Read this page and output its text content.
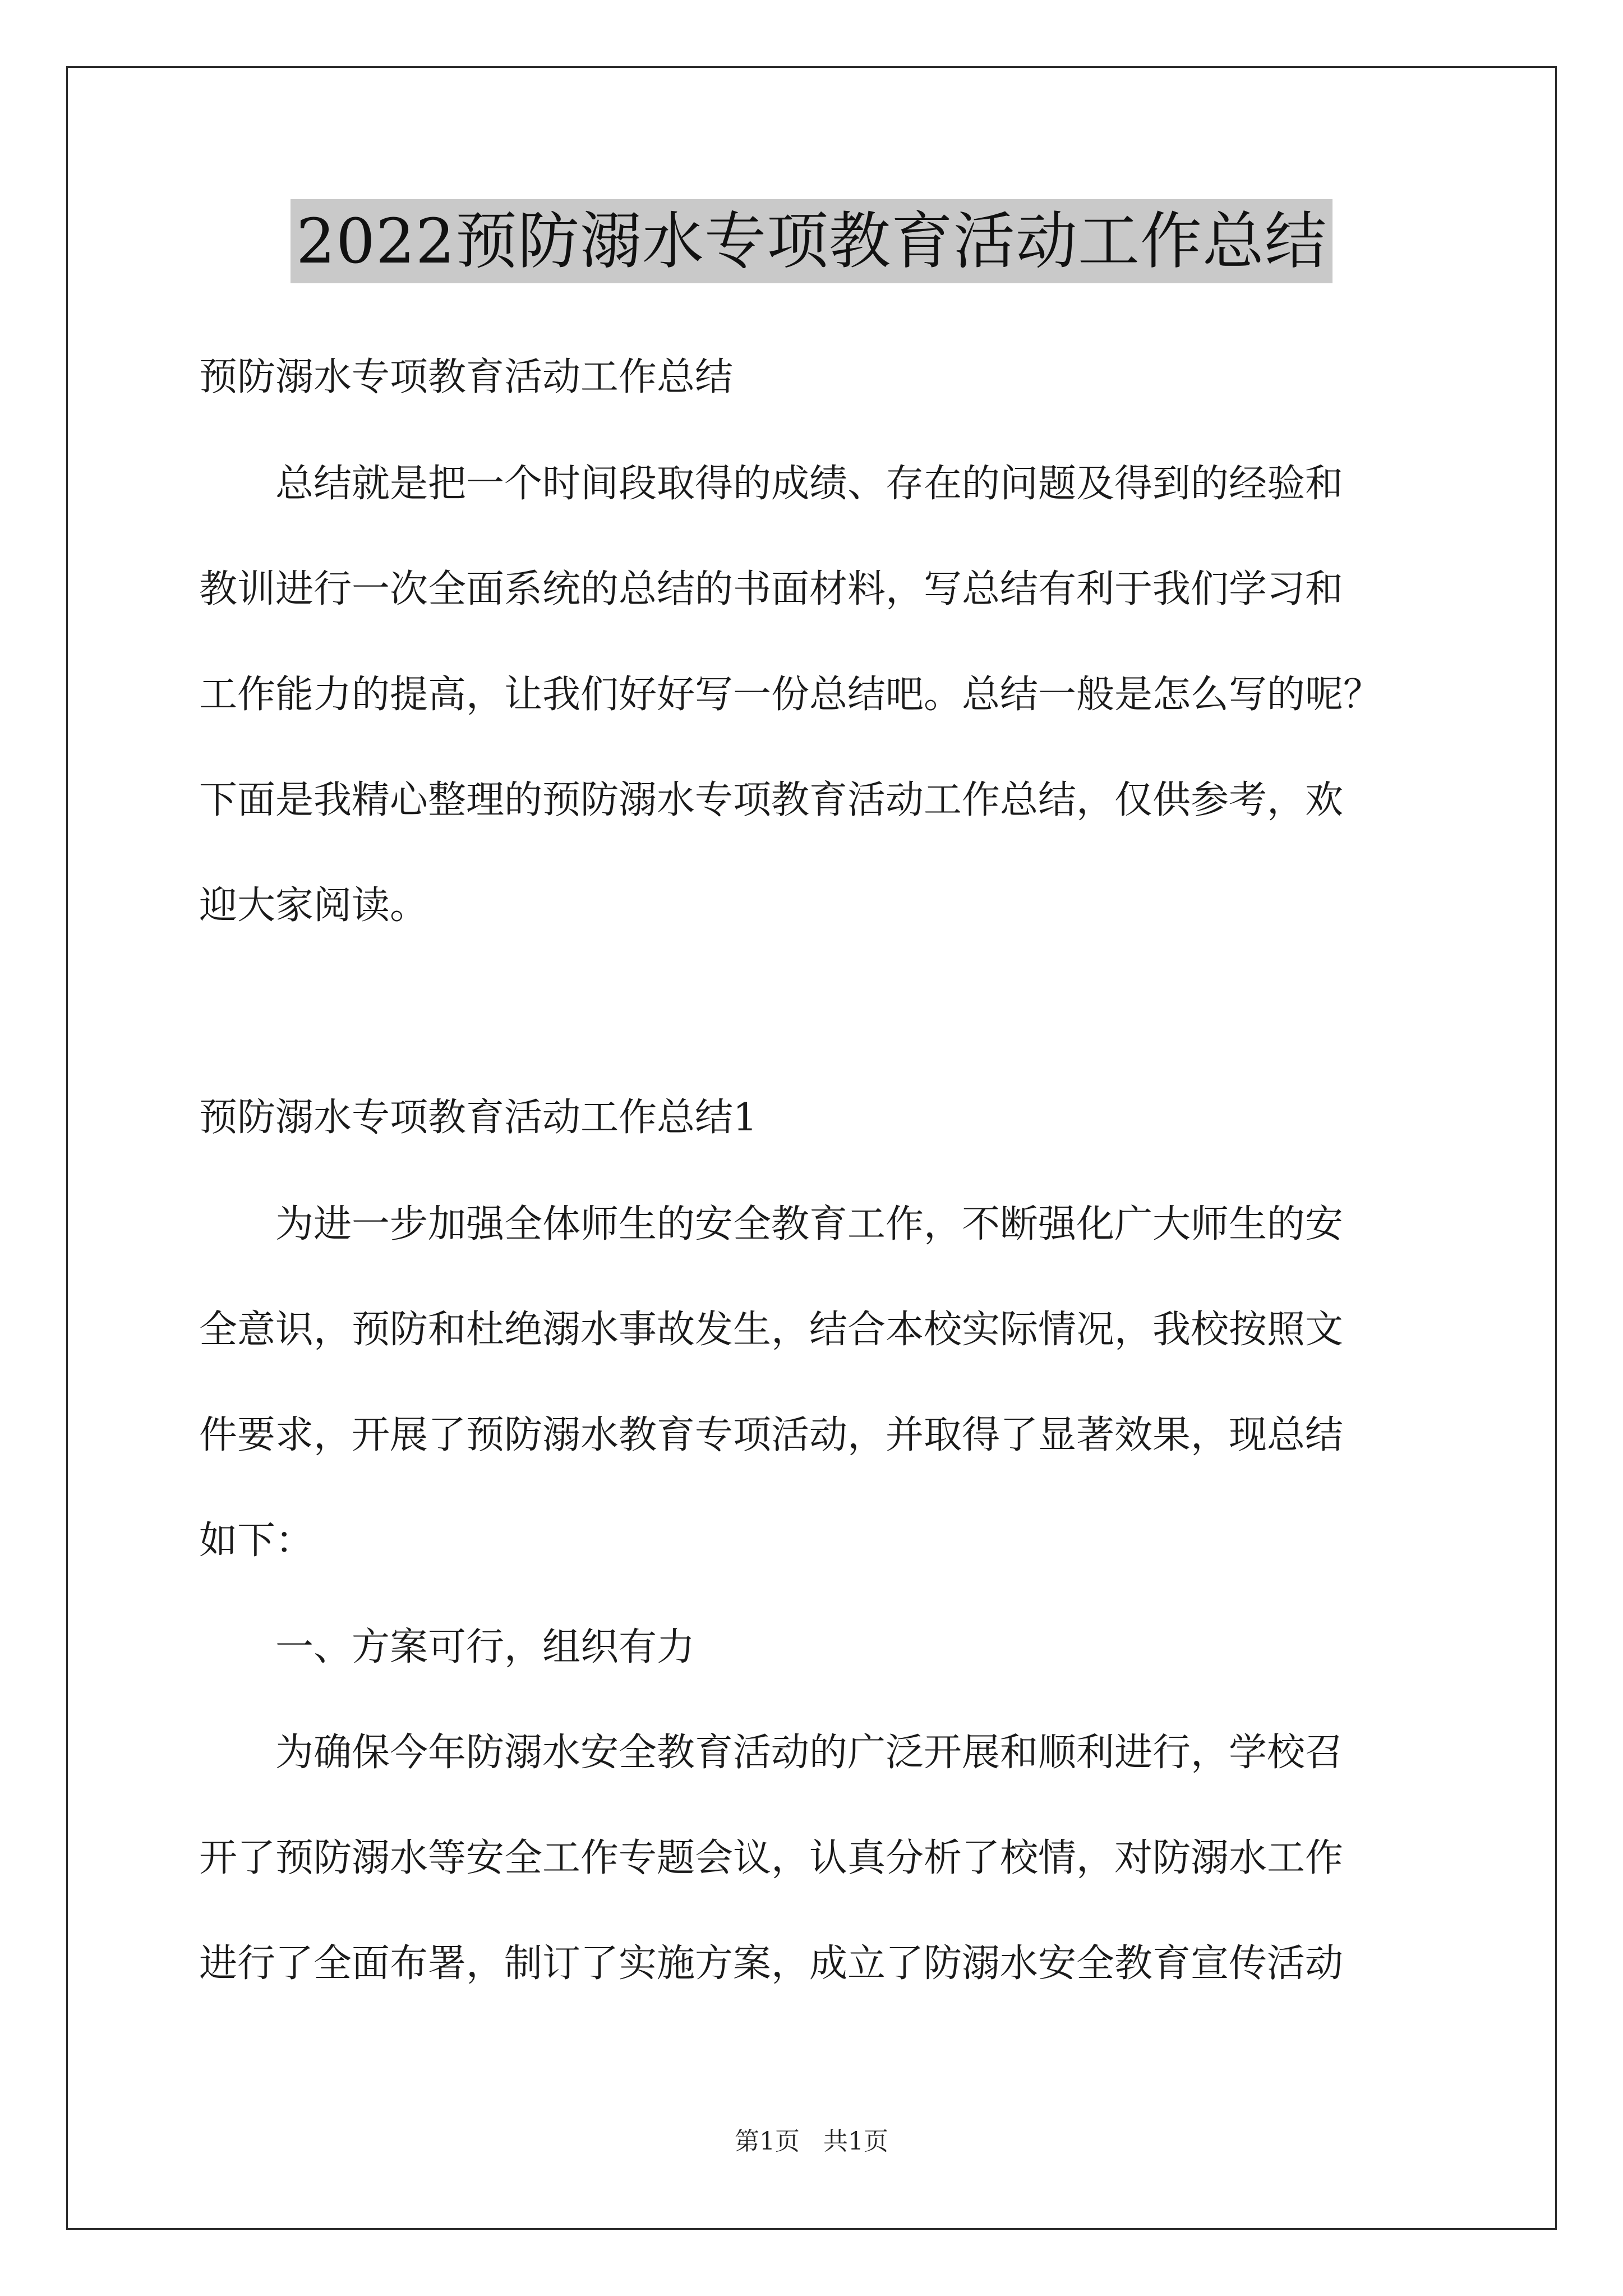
2022预防溺水专项教育活动工作总结
预防溺水专项教育活动工作总结
　　总结就是把一个时间段取得的成绩、存在的问题及得到的经验和
教训进行一次全面系统的总结的书面材料，写总结有利于我们学习和
工作能力的提高，让我们好好写一份总结吧。总结一般是怎么写的呢？
下面是我精心整理的预防溺水专项教育活动工作总结，仅供参考，欢
迎大家阅读。
预防溺水专项教育活动工作总结1
　　为进一步加强全体师生的安全教育工作，不断强化广大师生的安
全意识，预防和杜绝溺水事故发生，结合本校实际情况，我校按照文
件要求，开展了预防溺水教育专项活动，并取得了显著效果，现总结
如下：
　　一、方案可行，组织有力
　　为确保今年防溺水安全教育活动的广泛开展和顺利进行，学校召
开了预防溺水等安全工作专题会议，认真分析了校情，对防溺水工作
进行了全面布署，制订了实施方案，成立了防溺水安全教育宣传活动
第1页 共1页
